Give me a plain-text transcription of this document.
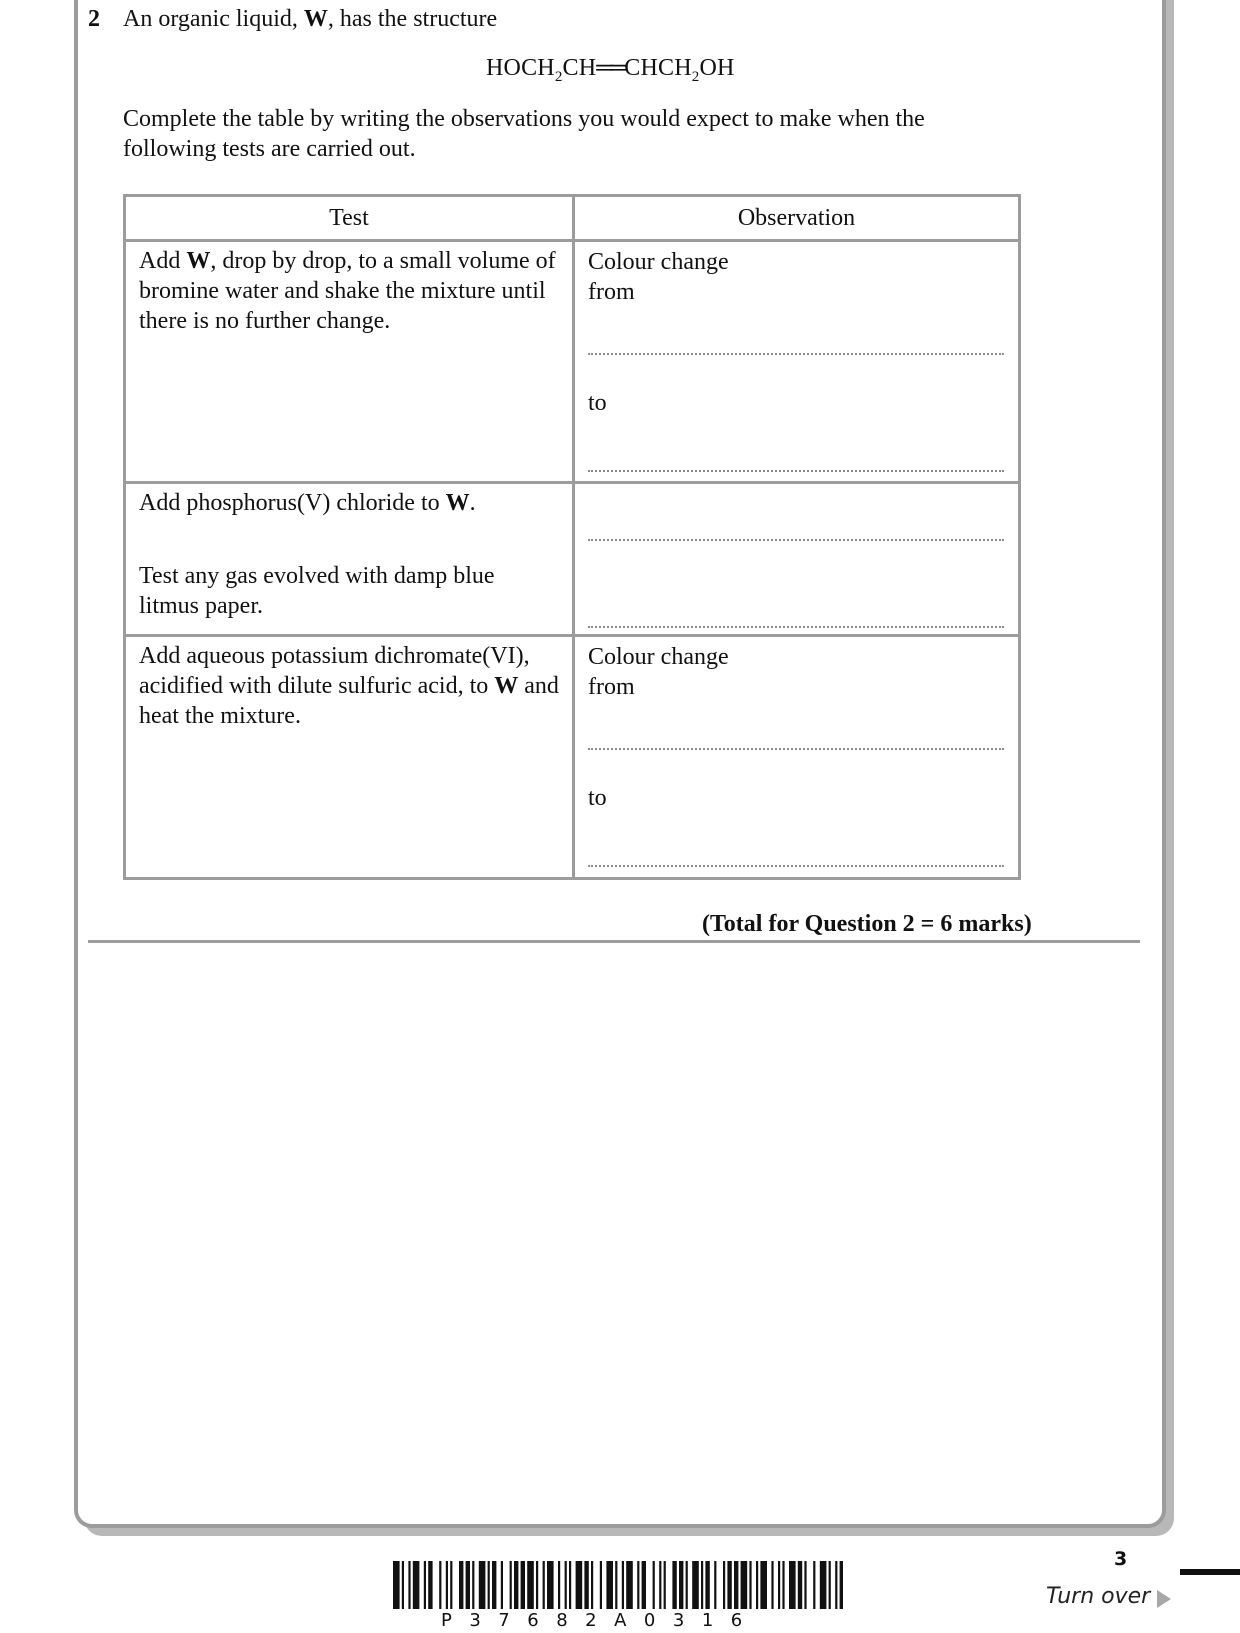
2 An organic liquid, W, has the structure
$HOCH_2CH══CHCH_2OH$
Complete the table by writing the observations you would expect to make when the following tests are carried out.
Test	Observation

Add W, drop by drop, to a small volume of bromine water and shake the mixture until there is no further change.	Colour change
from
to

Add phosphorus(V) chloride to W.
Test any gas evolved with damp blue litmus paper.	

Add aqueous potassium dichromate(VI), acidified with dilute sulfuric acid, to W and heat the mixture.	Colour change
from
to
(Total for Question 2 = 6 marks)
P37682A0316
3
Turn over
